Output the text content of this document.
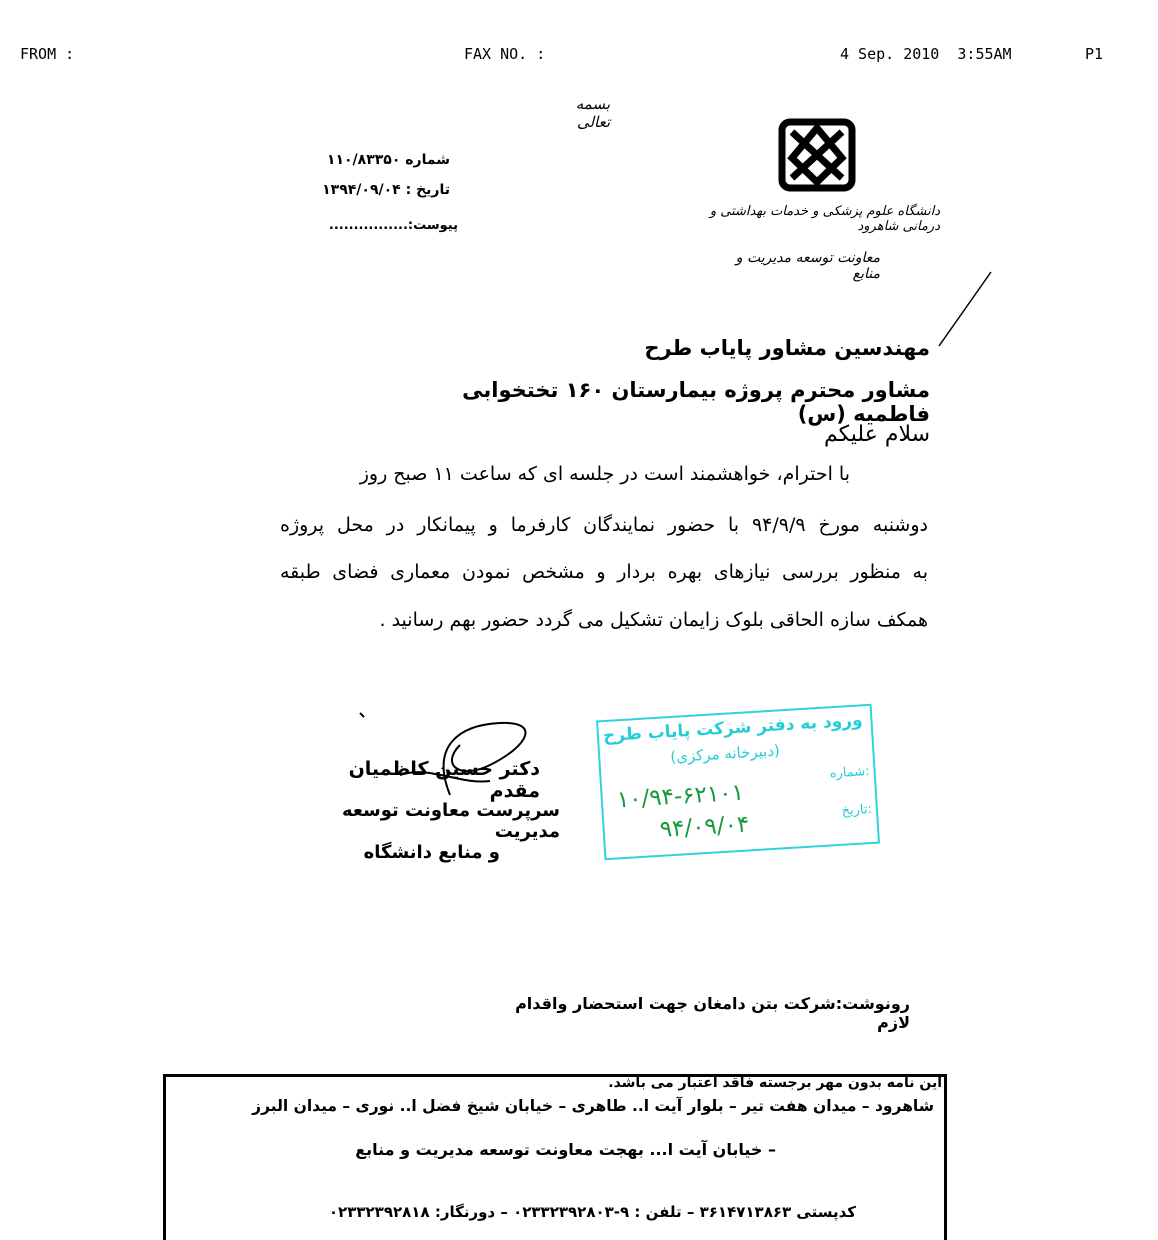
FROM :	FAX NO. :	4 Sep. 2010  3:55AM	P1
بسمه تعالی
دانشگاه علوم پزشکی و خدمات بهداشتی و درمانی شاهرود
معاونت توسعه مدیریت و منابع
شماره ۱۱۰/۸۳۳۵۰
تاریخ : ۱۳۹۴/۰۹/۰۴
پیوست:................
مهندسین مشاور پایاب طرح
مشاور محترم پروژه بیمارستان ۱۶۰ تختخوابی فاطمیه (س)
سلام علیکم
با احترام، خواهشمند است در جلسه ای که ساعت ۱۱ صبح روز
دوشنبه مورخ ۹۴/۹/۹ با حضور نمایندگان کارفرما و پیمانکار در محل پروژه
به منظور بررسی نیازهای بهره بردار و مشخص نمودن معماری فضای طبقه
همکف سازه الحاقی بلوک زایمان تشکیل می گردد حضور بهم رسانید .
دکتر حسین کاظمیان مقدم
سرپرست معاونت توسعه مدیریت
و منابع دانشگاه
ورود به دفتر شرکت پایاب طرح
(دبیرخانه مرکزی)
شماره:
۱۰/۹۴-۶۲۱۰۱	تاریخ:
۹۴/۰۹/۰۴
رونوشت:شرکت بتن دامغان جهت استحضار واقدام لازم
این نامه بدون مهر برجسته فاقد اعتبار می باشد.
شاهرود – میدان هفت تیر – بلوار آیت ا.. طاهری – خیابان شیخ فضل ا.. نوری – میدان البرز
– خیابان آیت ا... بهجت معاونت توسعه مدیریت و منابع
کدپستی ۳۶۱۴۷۱۳۸۶۳ – تلفن : ۹-۰۲۳۳۲۳۹۲۸۰۳ – دورنگار: ۰۲۳۳۲۳۹۲۸۱۸
